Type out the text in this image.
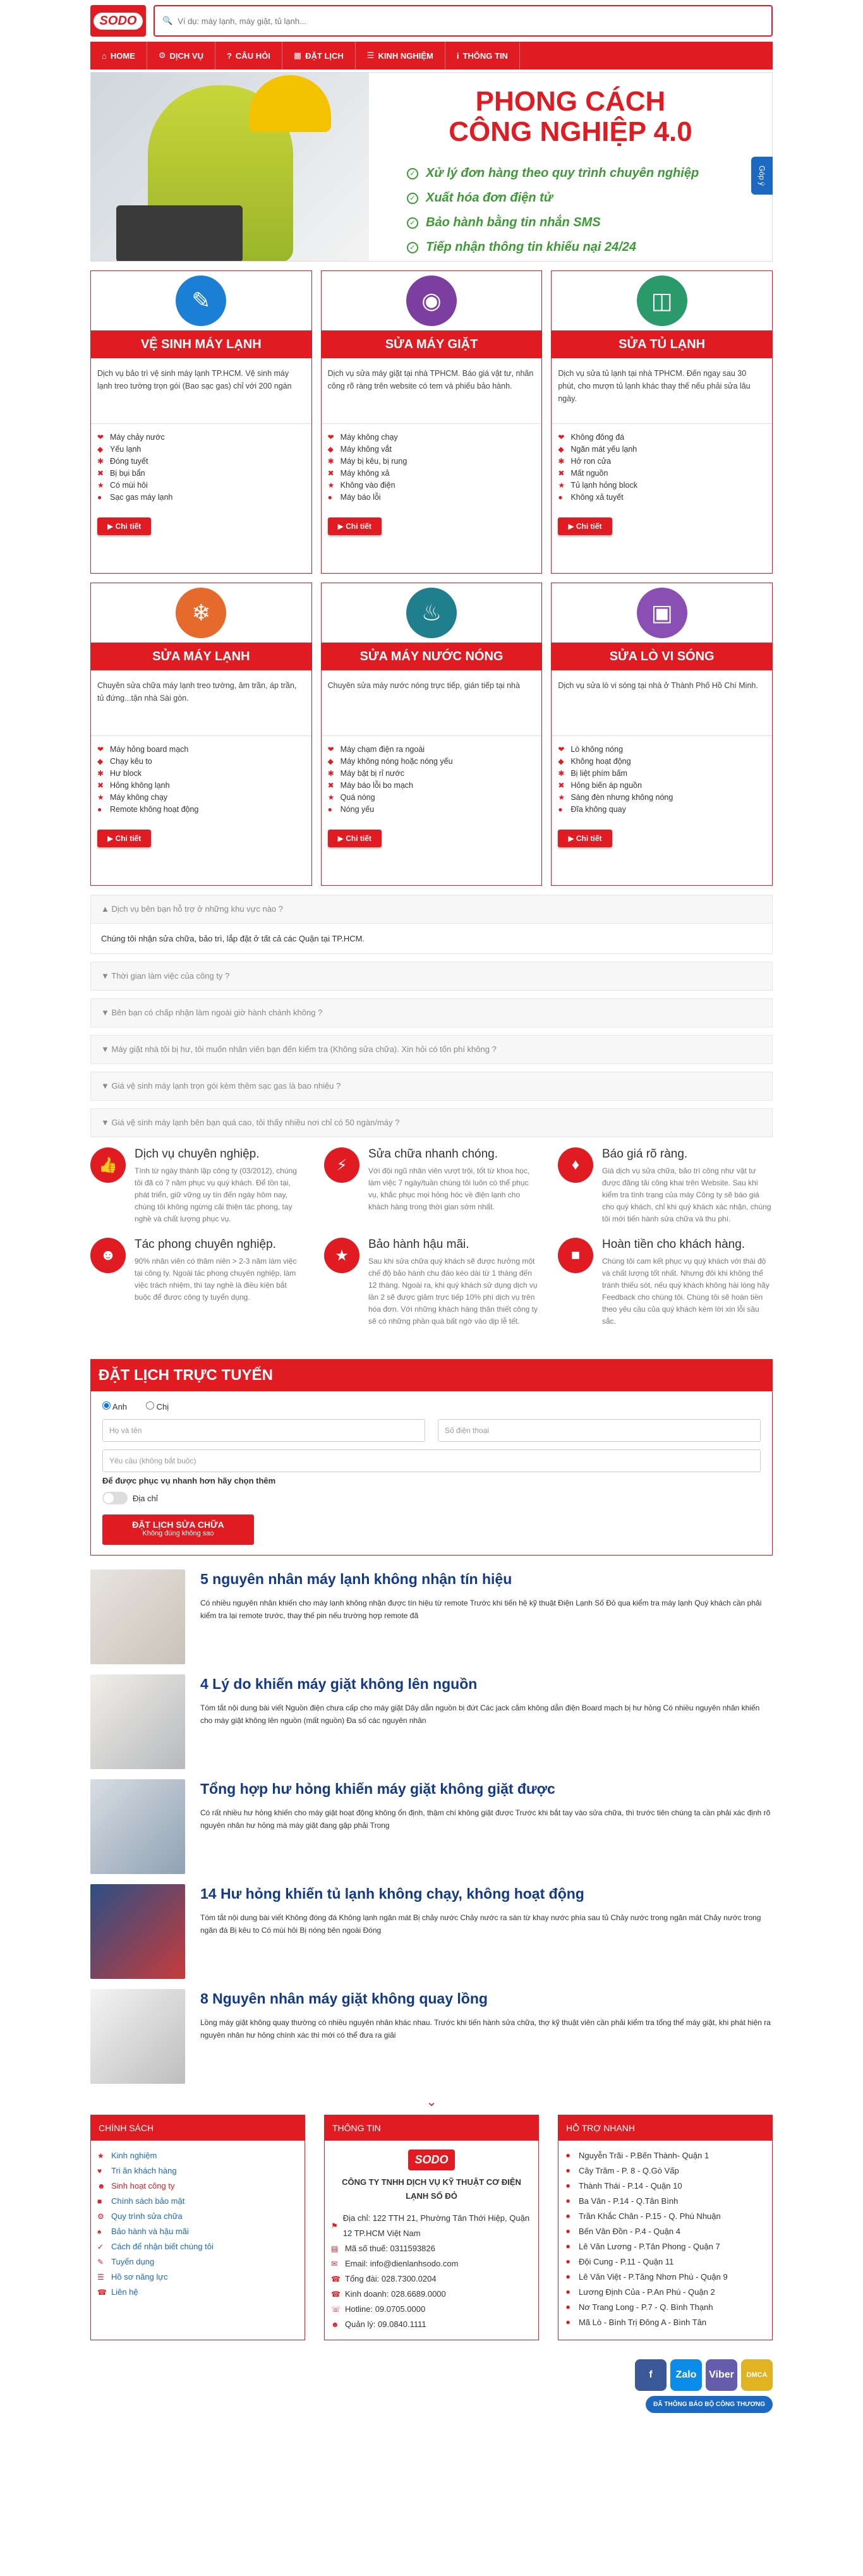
SODO	🔍
Ví dụ: máy lạnh, máy giặt, tủ lạnh...
⌂ HOME	⚙ DỊCH VỤ	? CÂU HỎI	▦ ĐẶT LỊCH	☰ KINH NGHIỆM	i THÔNG TIN
PHONG CÁCH
CÔNG NGHIỆP 4.0
✓ Xử lý đơn hàng theo quy trình chuyên nghiệp
✓ Xuất hóa đơn điện tử
✓ Bảo hành bằng tin nhắn SMS
✓ Tiếp nhận thông tin khiếu nại 24/24
✎
VỆ SINH MÁY LẠNH
Dịch vụ bảo trì vệ sinh máy lạnh TP.HCM. Vệ sinh máy lạnh treo tường trọn gói (Bao sạc gas) chỉ với 200 ngàn
❤ Máy chảy nước
◆ Yếu lạnh
✱ Đóng tuyết
✖ Bị bụi bẩn
★ Có mùi hôi
●	Sạc gas máy lạnh
▶ Chi tiết
◉
SỬA MÁY GIẶT
Dịch vụ sửa máy giặt tại nhà TPHCM. Báo giá vật tư, nhân công rõ ràng trên website có tem và phiếu bảo hành.
❤ Máy không chạy
◆ Máy không vắt
✱ Máy bị kêu, bị rung
✖ Máy không xả
★ Không vào điện
●	Máy báo lỗi
▶ Chi tiết
◫
SỬA TỦ LẠNH
Dịch vụ sửa tủ lạnh tại nhà TPHCM. Đến ngay sau 30 phút, cho mượn tủ lạnh khác thay thế nếu phải sửa lâu ngày.
❤ Không đông đá
◆ Ngăn mát yếu lạnh
✱ Hở ron cửa
✖ Mất nguồn
★ Tủ lạnh hỏng block
●	Không xả tuyết
▶ Chi tiết
❄
SỬA MÁY LẠNH
Chuyên sửa chữa máy lạnh treo tường, âm trần, áp trần, tủ đứng...tận nhà Sài gòn.
❤ Máy hỏng board mạch
◆ Chạy kêu to
✱ Hư block
✖ Hỏng không lạnh
★ Máy không chạy
●	Remote không hoạt động
▶ Chi tiết
♨
SỬA MÁY NƯỚC NÓNG
Chuyên sửa máy nước nóng trực tiếp, gián tiếp tại nhà
❤ Máy chạm điện ra ngoài
◆ Máy không nóng hoặc nóng yếu
✱ Máy bật bị rỉ nước
✖ Máy báo lỗi bo mạch
★ Quá nóng
●	Nóng yếu
▶ Chi tiết
▣
SỬA LÒ VI SÓNG
Dịch vụ sửa lò vi sóng tại nhà ở Thành Phố Hồ Chí Minh.
❤ Lò không nóng
◆ Không hoạt động
✱ Bị liệt phím bấm
✖ Hỏng biến áp nguồn
★ Sáng đèn nhưng không nóng
●	Đĩa không quay
▶ Chi tiết
▲ Dịch vụ bên bạn hỗ trợ ở những khu vực nào ?
Chúng tôi nhận sửa chữa, bảo trì, lắp đặt ở tất cả các Quận tại TP.HCM.
▼ Thời gian làm việc của công ty ?
▼ Bên bạn có chấp nhận làm ngoài giờ hành chánh không ?
▼ Máy giặt nhà tôi bị hư, tôi muốn nhân viên bạn đến kiểm tra (Không sửa chữa). Xin hỏi có tốn phí không ?
▼ Giá vệ sinh máy lạnh trọn gói kèm thêm sạc gas là bao nhiêu ?
▼ Giá vệ sinh máy lạnh bên bạn quá cao, tôi thấy nhiều nơi chỉ có 50 ngàn/máy ?
👍
Dịch vụ chuyên nghiệp.

Tính từ ngày thành lập công ty (03/2012), chúng tôi đã có 7 năm phục vụ quý khách. Để tồn tại, phát triển, giữ vững uy tín đến ngày hôm nay, chúng tôi không ngừng cải thiện tác phong, tay nghề và chất lượng phục vụ.

⚡
Sửa chữa nhanh chóng.

Với đội ngũ nhân viên vượt trội, tốt từ khoa học, làm việc 7 ngày/tuần chúng tôi luôn có thể phục vụ, khắc phục mọi hỏng hóc về điện lạnh cho khách hàng trong thời gian sớm nhất.

♦
Báo giá rõ ràng.

Giá dịch vụ sửa chữa, bảo trì công như vật tư được đăng tải công khai trên Website. Sau khi kiểm tra tình trạng của máy Công ty sẽ báo giá cho quý khách, chỉ khi quý khách xác nhận, chúng tôi mới tiến hành sửa chữa và thu phí.

☻
Tác phong chuyên nghiệp.

90% nhân viên có thâm niên > 2-3 năm làm việc tại công ty. Ngoài tác phong chuyên nghiệp, làm việc trách nhiệm, thì tay nghề là điều kiện bắt buộc để được công ty tuyển dụng.

★
Bảo hành hậu mãi.

Sau khi sửa chữa quý khách sẽ được hưởng một chế độ bảo hành chu đáo kéo dài từ 1 tháng đến 12 tháng. Ngoài ra, khi quý khách sử dụng dịch vụ lần 2 sẽ được giảm trực tiếp 10% phí dịch vụ trên hóa đơn. Với những khách hàng thân thiết công ty sẽ có những phần quà bất ngờ vào dịp lễ tết.

■
Hoàn tiền cho khách hàng.

Chúng tôi cam kết phục vụ quý khách với thái độ và chất lượng tốt nhất. Nhưng đôi khi không thể tránh thiếu sót, nếu quý khách không hài lòng hãy Feedback cho chúng tôi. Chúng tôi sẽ hoàn tiền theo yêu cầu của quý khách kèm lời xin lỗi sâu sắc.

ĐẶT LỊCH TRỰC TUYẾN
Anh	Chị
Họ và tên	Số điện thoại
Yêu cầu (không bắt buộc)
Để được phục vụ nhanh hơn hãy chọn thêm
Địa chỉ
ĐẶT LỊCH SỬA CHỮA
Không đúng không sao
5 nguyên nhân máy lạnh không nhận tín hiệu

Có nhiều nguyên nhân khiến cho máy lạnh không nhận được tín hiệu từ remote Trước khi tiến hệ kỹ thuật Điện Lạnh Số Đỏ qua kiểm tra máy lạnh Quý khách cần phải kiểm tra lại remote trước, thay thế pin nếu trường hợp remote đã

4 Lý do khiến máy giặt không lên nguồn

Tóm tắt nội dung bài viết Nguồn điện chưa cấp cho máy giặt Dây dẫn nguồn bị đứt Các jack cắm không dẫn điện Board mạch bị hư hỏng Có nhiều nguyên nhân khiến cho máy giặt không lên nguồn (mất nguồn) Đa số các nguyên nhân

Tổng hợp hư hỏng khiến máy giặt không giặt được

Có rất nhiều hư hỏng khiến cho máy giặt hoạt động không ổn định, thậm chí không giặt được Trước khi bắt tay vào sửa chữa, thì trước tiên chúng ta cần phải xác định rõ nguyên nhân hư hỏng mà máy giặt đang gặp phải Trong

14 Hư hỏng khiến tủ lạnh không chạy, không hoạt động

Tóm tắt nội dung bài viết Không đóng đá Không lạnh ngăn mát Bị chảy nước Chảy nước ra sàn từ khay nước phía sau tủ Chảy nước trong ngăn mát Chảy nước trong ngăn đá Bị kêu to Có mùi hôi Bị nóng bên ngoài Đóng

8 Nguyên nhân máy giặt không quay lồng

Lồng máy giặt không quay thường có nhiều nguyên nhân khác nhau. Trước khi tiến hành sửa chữa, thợ kỹ thuật viên cần phải kiểm tra tổng thể máy giặt, khi phát hiện ra nguyên nhân hư hỏng chính xác thì mới có thể đưa ra giải

⌄
CHÍNH SÁCH
★ Kinh nghiệm
♥	Tri ân khách hàng
☻ Sinh hoạt công ty
■	Chính sách bảo mật
⚙ Quy trình sửa chữa
♠	Bảo hành và hậu mãi
✓ Cách để nhận biết chúng tôi
✎ Tuyển dụng
☰ Hồ sơ năng lực
☎ Liên hệ
THÔNG TIN
SODO
CÔNG TY TNHH DỊCH VỤ KỸ THUẬT CƠ ĐIỆN LẠNH SỐ ĐỎ
⚑
Địa chỉ: 122 TTH 21, Phường Tân Thới Hiệp, Quận 12 TP.HCM Việt Nam
▤ Mã số thuế: 0311593826
✉ Email: info@dienlanhsodo.com
☎ Tổng đài: 028.7300.0204
☎ Kinh doanh: 028.6689.0000
☏ Hotline: 09.0705.0000
☻ Quản lý: 09.0840.1111
HỖ TRỢ NHANH
⚫ Nguyễn Trãi - P.Bến Thành- Quận 1
⚫ Cây Trâm - P. 8 - Q.Gò Vấp
⚫ Thành Thái - P.14 - Quận 10
⚫ Ba Vân - P.14 - Q.Tân Bình
⚫ Trần Khắc Chân - P.15 - Q. Phú Nhuận
⚫ Bến Vân Đồn - P.4 - Quận 4
⚫ Lê Văn Lương - P.Tân Phong - Quận 7
⚫ Đội Cung - P.11 - Quận 11
⚫ Lê Văn Việt - P.Tăng Nhơn Phú - Quận 9
⚫ Lương Định Của - P.An Phú - Quận 2
⚫ Nơ Trang Long - P.7 - Q. Bình Thạnh
⚫ Mã Lò - Bình Trị Đông A - Bình Tân
f	Zalo	Viber	DMCA
ĐÃ THÔNG BÁO BỘ CÔNG THƯƠNG
Góp ý
